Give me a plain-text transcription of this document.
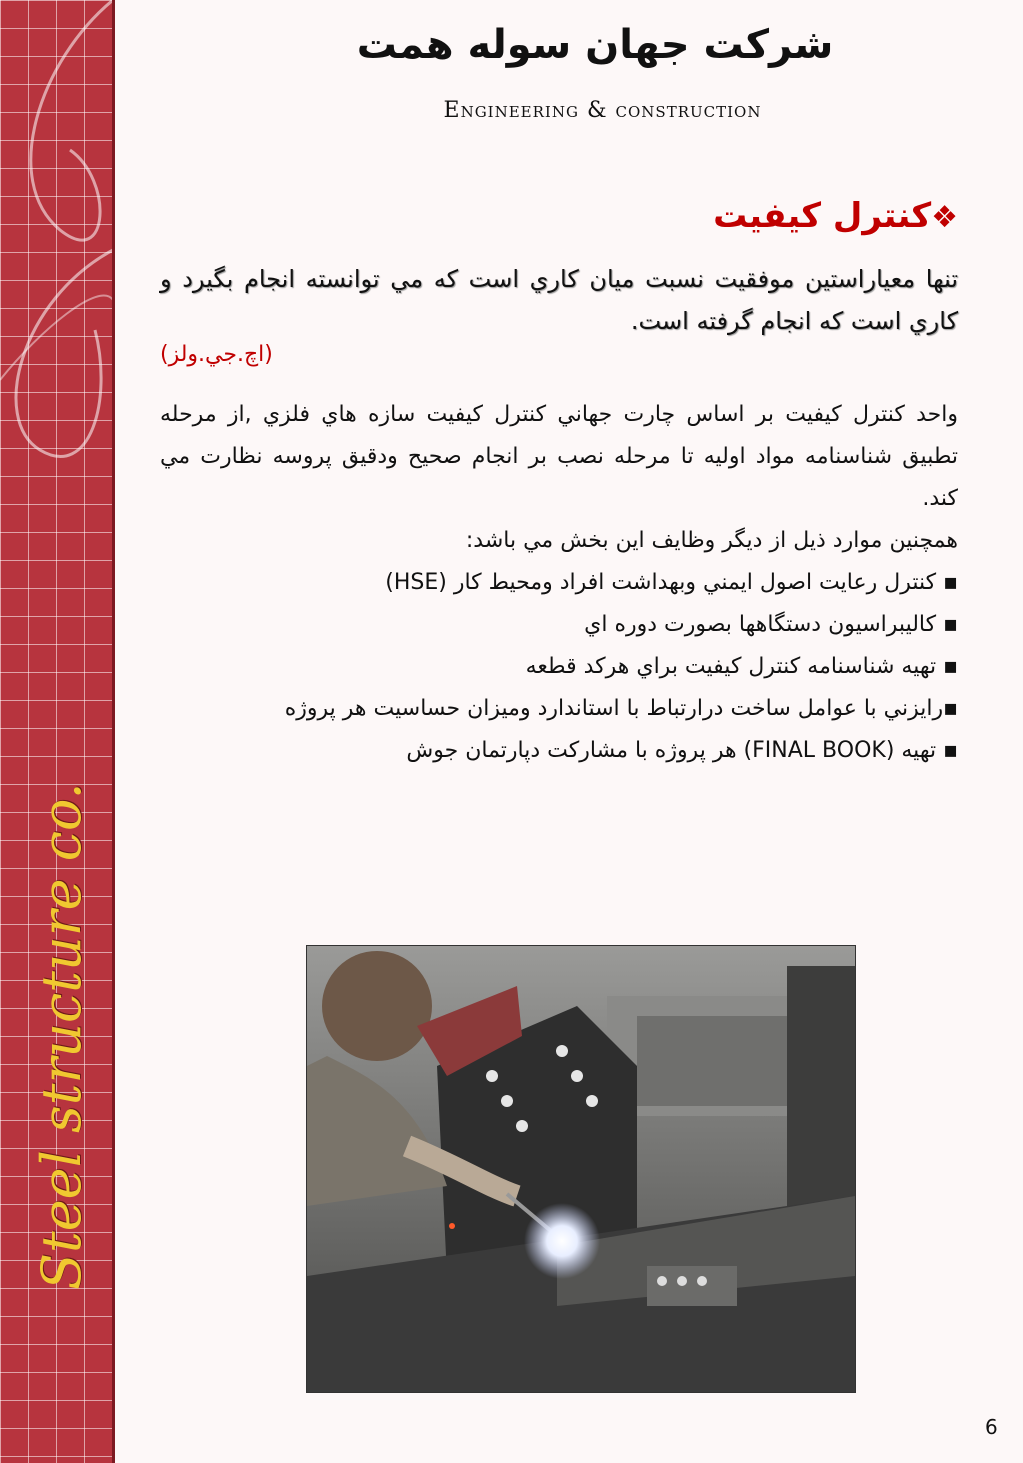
Steel structure co.
شرکت جهان سوله همت
Engineering & construction
❖کنترل کیفیت
تنها معياراستين موفقيت نسبت ميان كاري است كه مي توانسته انجام بگيرد و كاري است كه انجام گرفته است.
(اچ.جي.ولز)

واحد كنترل كيفيت بر اساس چارت جهاني كنترل كيفيت سازه هاي فلزي ,از مرحله تطبيق شناسنامه مواد اوليه تا مرحله نصب بر انجام صحيح ودقيق پروسه نظارت مي كند.

همچنين موارد ذيل از ديگر وظايف اين بخش مي باشد:

▪ كنترل رعايت اصول ايمني وبهداشت افراد ومحيط كار (HSE)

▪ كاليبراسيون دستگاهها بصورت دوره اي

▪ تهيه شناسنامه كنترل كيفيت براي هركد قطعه

▪رايزني با عوامل ساخت درارتباط با استاندارد وميزان حساسيت هر پروژه

▪ تهيه (FINAL BOOK) هر پروژه با مشاركت دپارتمان جوش

6
